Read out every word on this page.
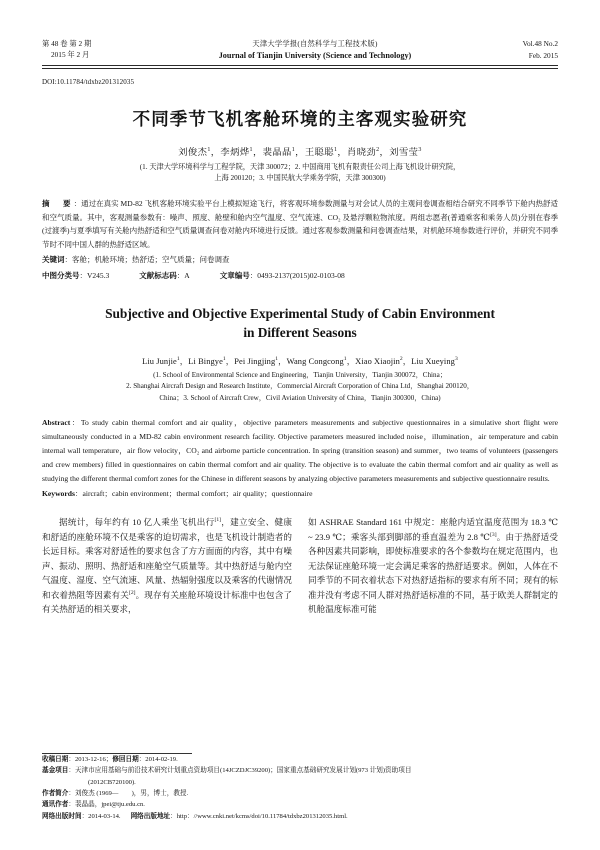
第 48 卷 第 2 期
2015 年 2 月
天津大学学报(自然科学与工程技术版)
Journal of Tianjin University (Science and Technology)
Vol.48 No.2
Feb. 2015
DOI:10.11784/tdxbz201312035
不同季节飞机客舱环境的主客观实验研究
刘俊杰$^1$，李炳烨$^1$，裴晶晶$^1$，王聪聪$^1$，肖晓劲$^2$，刘雪莹$^3$
(1. 天津大学环境科学与工程学院，天津 300072；2. 中国商用飞机有限责任公司上海飞机设计研究院，
上海 200120；3. 中国民航大学乘务学院，天津 300300)
摘　要：通过在真实 MD-82 飞机客舱环境实验平台上模拟短途飞行，将客观环境参数测量与对会试人员的主观问卷调查相结合研究不同季节下舱内热舒适和空气质量。其中，客观测量参数有：噪声、照度、舱壁和舱内空气温度、空气流速、CO₂ 及悬浮颗粒物浓度。两组志愿者(普通乘客和乘务人员)分别在春季(过渡季)与夏季填写有关舱内热舒适和空气质量调查问卷对舱内环境进行反馈。通过客观参数测量和问卷调查结果，对机舱环境参数进行评价，并研究不同季节时不同中国人群的热舒适区域。
关键词：客舱；机舱环境；热舒适；空气质量；问卷调查
中图分类号：V245.3	文献标志码：A	文章编号：0493-2137(2015)02-0103-08
Subjective and Objective Experimental Study of Cabin Environment
in Different Seasons
Liu Junjie$^1$，Li Bingye$^1$，Pei Jingjing$^1$，Wang Congcong$^1$，Xiao Xiaojin$^2$，Liu Xueying$^3$
(1. School of Environmental Science and Engineering，Tianjin University，Tianjin 300072，China；
2. Shanghai Aircraft Design and Research Institute，Commercial Aircraft Corporation of China Ltd，Shanghai 200120，
China；3. School of Aircraft Crew，Civil Aviation University of China，Tianjin 300300，China)
Abstract：To study cabin thermal comfort and air quality，objective parameters measurements and subjective questionnaires in a simulative short flight were simultaneously conducted in a MD-82 cabin environment research facility. Objective parameters measured included noise，illumination，air temperature and cabin internal wall temperature，air flow velocity，CO₂ and airborne particle concentration. In spring (transition season) and summer，two teams of volunteers (passengers and crew members) filled in questionnaires on cabin thermal comfort and air quality. The objective is to evaluate the cabin thermal comfort and air quality as well as studying the different thermal comfort zones for the Chinese in different seasons by analyzing objective parameters measurements and subjective questionnaire results.
Keywords：aircraft；cabin environment；thermal comfort；air quality；questionnaire

据统计，每年约有 10 亿人乘坐飞机出行[1]，建立安全、健康和舒适的座舱环境不仅是乘客的迫切需求，也是飞机设计制造者的长远目标。乘客对舒适性的要求包含了方方面面的内容，其中有噪声、振动、照明、热舒适和座舱空气质量等。其中热舒适与舱内空气温度、湿度、空气流速、风量、热辐射强度以及乘客的代谢情况和衣着热阻等因素有关[2]。现存有关座舱环境设计标准中也包含了有关热舒适的相关要求，

如 ASHRAE Standard 161 中规定：座舱内适宜温度范围为 18.3 ℃ ~ 23.9 ℃；乘客头部到脚部的垂直温差为 2.8 ℃[3]。由于热舒适受各种因素共同影响，即使标准要求的各个参数均在规定范围内，也无法保证座舱环境一定会满足乘客的热舒适要求。例如，人体在不同季节的不同衣着状态下对热舒适指标的要求有所不同；现有的标准并没有考虑不同人群对热舒适标准的不同，基于欧美人群制定的机舱温度标准可能

收稿日期：2013-12-16；修回日期：2014-02-19.
基金项目：天津市应用基础与前沿技术研究计划重点资助项目(14JCZDJC39200)；国家重点基础研究发展计划(973 计划)资助项目
(2012CB720100).
作者简介：刘俊杰 (1969—　　)，男，博士，教授.
通讯作者：裴晶晶，jpei@tju.edu.cn.
网络出版时间：2014-03-14. 网络出版地址：http：//www.cnki.net/kcms/doi/10.11784/tdxbz201312035.html.
